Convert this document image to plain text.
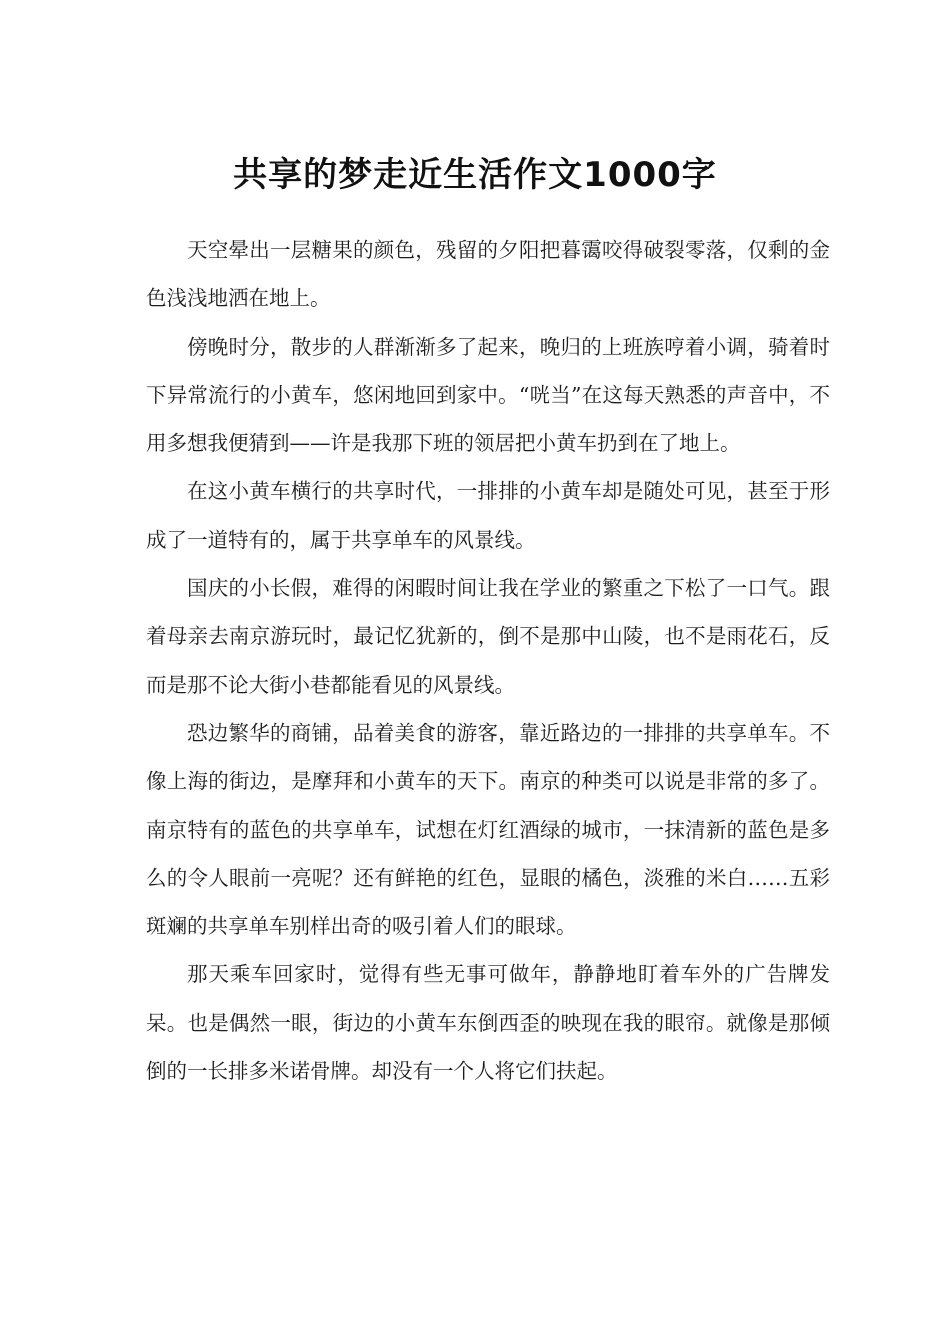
共享的梦走近生活作文1000字

天空晕出一层糖果的颜色，残留的夕阳把暮霭咬得破裂零落，仅剩的金色浅浅地洒在地上。

傍晚时分，散步的人群渐渐多了起来，晚归的上班族哼着小调，骑着时下异常流行的小黄车，悠闲地回到家中。“咣当”在这每天熟悉的声音中，不用多想我便猜到——许是我那下班的领居把小黄车扔到在了地上。

在这小黄车横行的共享时代，一排排的小黄车却是随处可见，甚至于形成了一道特有的，属于共享单车的风景线。

国庆的小长假，难得的闲暇时间让我在学业的繁重之下松了一口气。跟着母亲去南京游玩时，最记忆犹新的，倒不是那中山陵，也不是雨花石，反而是那不论大街小巷都能看见的风景线。

恐边繁华的商铺，品着美食的游客，靠近路边的一排排的共享单车。不像上海的街边，是摩拜和小黄车的天下。南京的种类可以说是非常的多了。南京特有的蓝色的共享单车，试想在灯红酒绿的城市，一抹清新的蓝色是多么的令人眼前一亮呢？还有鲜艳的红色，显眼的橘色，淡雅的米白……五彩斑斓的共享单车别样出奇的吸引着人们的眼球。

那天乘车回家时，觉得有些无事可做年，静静地盯着车外的广告牌发呆。也是偶然一眼，街边的小黄车东倒西歪的映现在我的眼帘。就像是那倾倒的一长排多米诺骨牌。却没有一个人将它们扶起。
